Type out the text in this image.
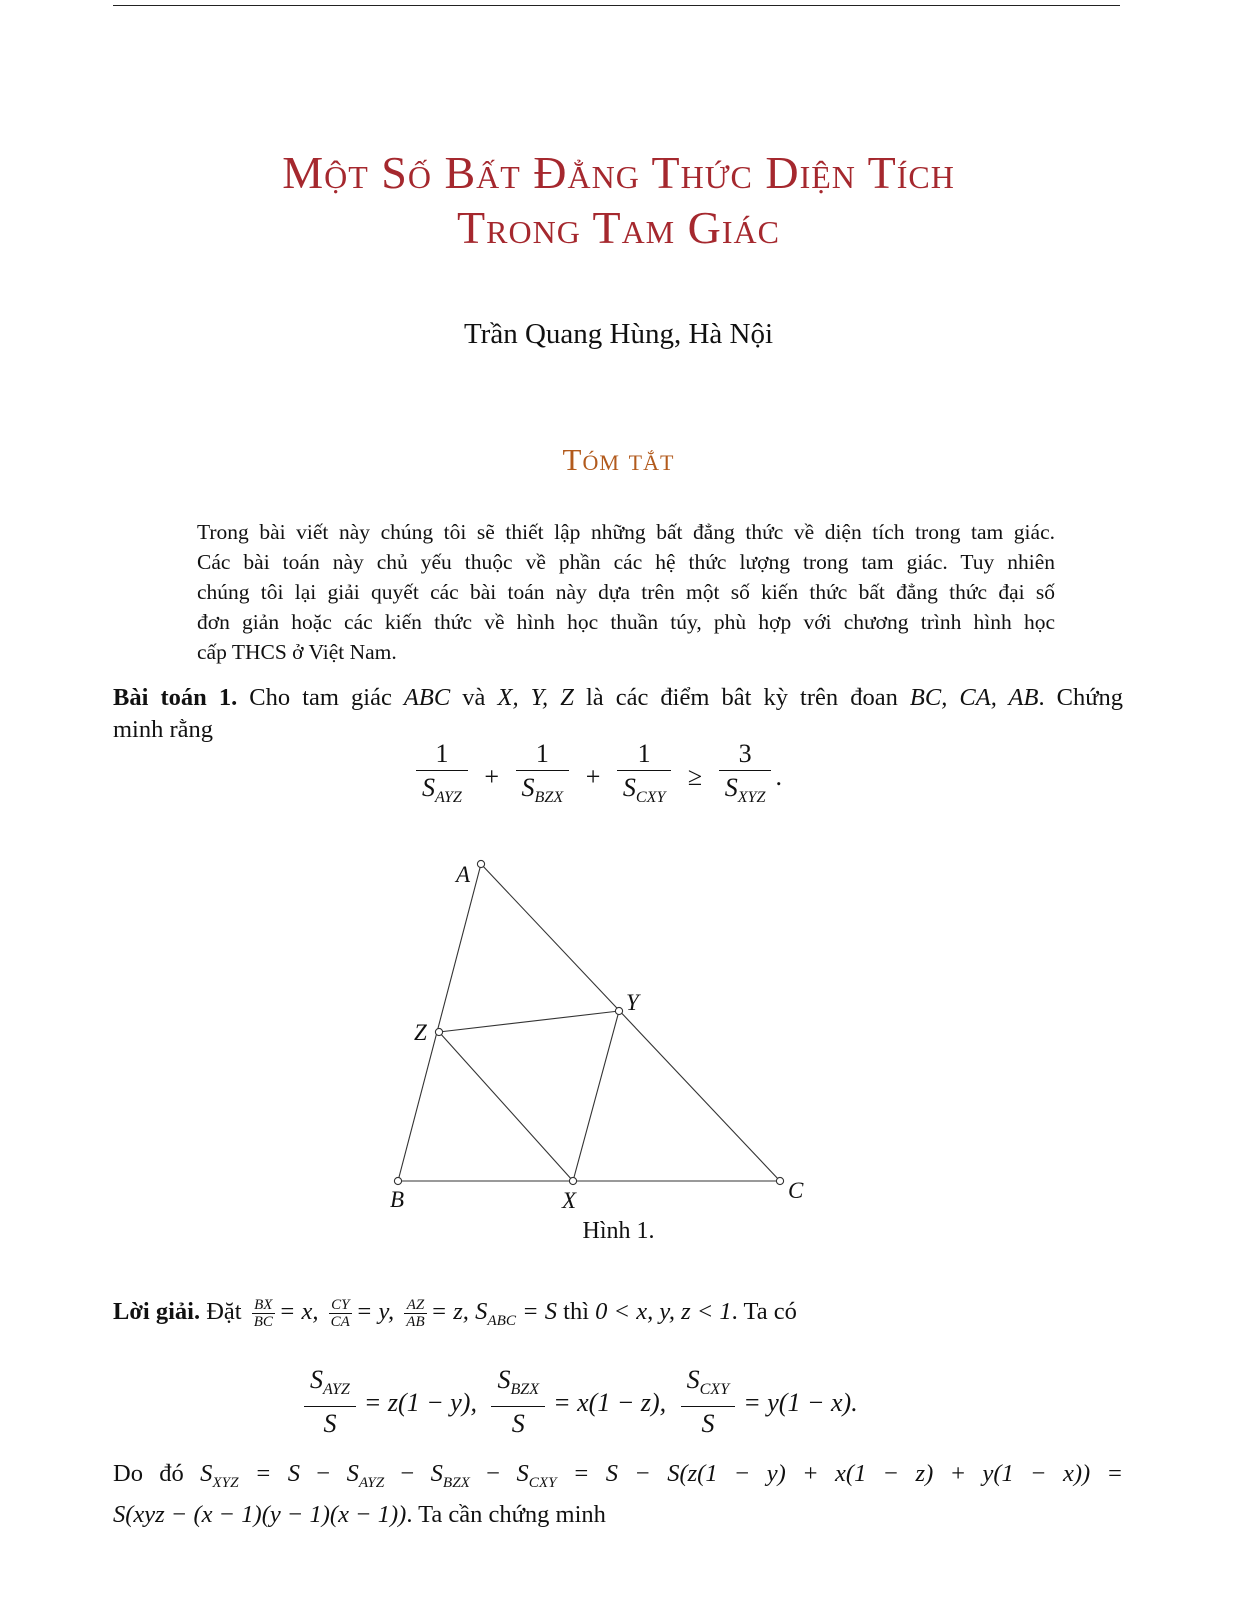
Một Số Bất Đẳng Thức Diện Tích
Trong Tam Giác
Trần Quang Hùng, Hà Nội
Tóm tắt
Trong bài viết này chúng tôi sẽ thiết lập những bất đẳng thức về diện tích trong tam giác.
Các bài toán này chủ yếu thuộc về phần các hệ thức lượng trong tam giác. Tuy nhiên
chúng tôi lại giải quyết các bài toán này dựa trên một số kiến thức bất đẳng thức đại số
đơn giản hoặc các kiến thức về hình học thuần túy, phù hợp với chương trình hình học
cấp THCS ở Việt Nam.
Bài toán 1. Cho tam giác ABC và X, Y, Z là các điểm bât kỳ trên đoan BC, CA, AB. Chứng
minh rằng
$\frac{1}{S_{AYZ}} + \frac{1}{S_{BZX}} + \frac{1}{S_{CXY}} \ge \frac{3}{S_{XYZ}}$ .
A
B	C
X
Y
Z
Hình 1.
Lời giải. Đặt $\frac{BX}{BC} = x$, $\frac{CY}{CA} = y$, $\frac{AZ}{AB} = z$, $S_{ABC} = S$ thì 0 < x, y, z < 1. Ta có
$\frac{S_{AYZ}}{S} = z(1 - y)$, $\frac{S_{BZX}}{S} = x(1 - z)$, $\frac{S_{CXY}}{S} = y(1 - x)$.
Do đó $S_{XYZ} = S - S_{AYZ} - S_{BZX} - S_{CXY} = S - S(z(1 - y) + x(1 - z) + y(1 - x))$ =
S(xyz − (x − 1)(y − 1)(x − 1)). Ta cần chứng minh
